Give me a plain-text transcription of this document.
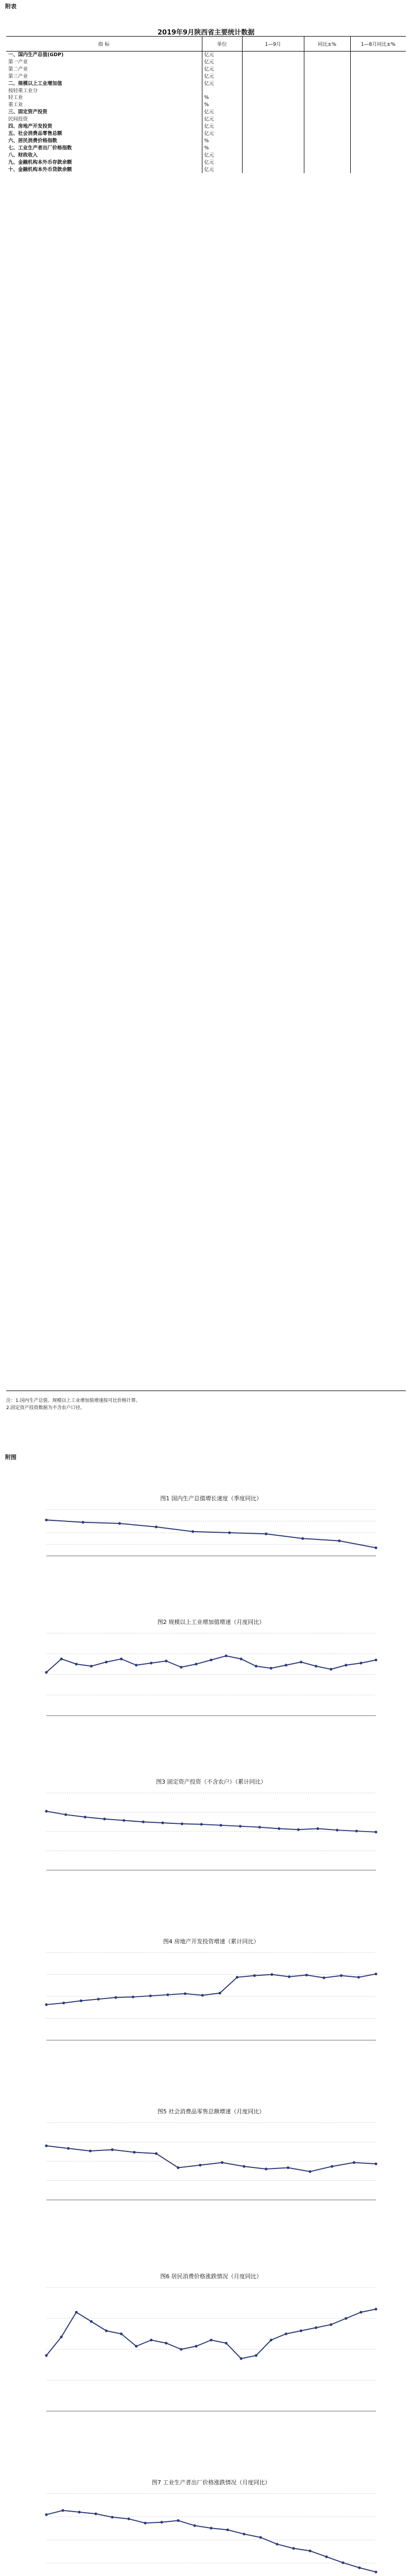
附表
2019年9月陕西省主要统计数据
指 标	单位	1—9月	同比±%	1—8月同比±%
一、国内生产总值(GDP)	亿元			
第一产业	亿元			
第二产业	亿元			
第三产业	亿元			
二、规模以上工业增加值	亿元			
按轻重工业分				
轻工业	%			
重工业	%			
三、固定资产投资	亿元			
民间投资	亿元			
四、房地产开发投资	亿元			
五、社会消费品零售总额	亿元			
六、居民消费价格指数	%			
七、工业生产者出厂价格指数	%			
八、财政收入	亿元			
九、金融机构本外币存款余额	亿元			
十、金融机构本外币贷款余额	亿元			

注：1.国内生产总值、规模以上工业增加值增速按可比价格计算。

2.固定资产投资数据为不含农户口径。

附图
图1 国内生产总值增长速度（季度同比）
图2 规模以上工业增加值增速（月度同比）
图3 固定资产投资（不含农户）（累计同比）
图4 房地产开发投资增速（累计同比）
图5 社会消费品零售总额增速（月度同比）
图6 居民消费价格涨跌情况（月度同比）
图7 工业生产者出厂价格涨跌情况（月度同比）
